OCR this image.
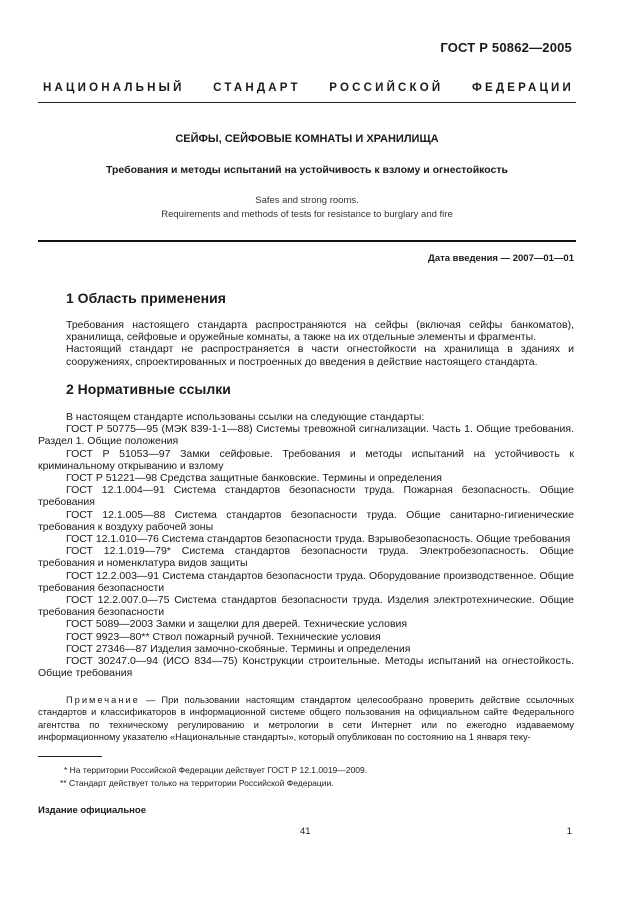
ГОСТ Р 50862—2005
НАЦИОНАЛЬНЫЙ СТАНДАРТ РОССИЙСКОЙ ФЕДЕРАЦИИ
СЕЙФЫ, СЕЙФОВЫЕ КОМНАТЫ И ХРАНИЛИЩА
Требования и методы испытаний на устойчивость к взлому и огнестойкость
Safes and strong rooms.
Requirements and methods of tests for resistance to burglary and fire
Дата введения — 2007—01—01
1 Область применения

Требования настоящего стандарта распространяются на сейфы (включая сейфы банкоматов), хранилища, сейфовые и оружейные комнаты, а также на их отдельные элементы и фрагменты.

Настоящий стандарт не распространяется в части огнестойкости на хранилища в зданиях и сооружениях, спроектированных и построенных до введения в действие настоящего стандарта.

2 Нормативные ссылки

В настоящем стандарте использованы ссылки на следующие стандарты:

ГОСТ Р 50775—95 (МЭК 839-1-1—88) Системы тревожной сигнализации. Часть 1. Общие требования. Раздел 1. Общие положения

ГОСТ Р 51053—97 Замки сейфовые. Требования и методы испытаний на устойчивость к криминальному открыванию и взлому

ГОСТ Р 51221—98 Средства защитные банковские. Термины и определения

ГОСТ 12.1.004—91 Система стандартов безопасности труда. Пожарная безопасность. Общие требования

ГОСТ 12.1.005—88 Система стандартов безопасности труда. Общие санитарно-гигиенические требования к воздуху рабочей зоны

ГОСТ 12.1.010—76 Система стандартов безопасности труда. Взрывобезопасность. Общие требования

ГОСТ 12.1.019—79* Система стандартов безопасности труда. Электробезопасность. Общие требования и номенклатура видов защиты

ГОСТ 12.2.003—91 Система стандартов безопасности труда. Оборудование производственное. Общие требования безопасности

ГОСТ 12.2.007.0—75 Система стандартов безопасности труда. Изделия электротехнические. Общие требования безопасности

ГОСТ 5089—2003 Замки и защелки для дверей. Технические условия

ГОСТ 9923—80** Ствол пожарный ручной. Технические условия

ГОСТ 27346—87 Изделия замочно-скобяные. Термины и определения

ГОСТ 30247.0—94 (ИСО 834—75) Конструкции строительные. Методы испытаний на огнестойкость. Общие требования

Примечание — При пользовании настоящим стандартом целесообразно проверить действие ссылочных стандартов и классификаторов в информационной системе общего пользования на официальном сайте Федерального агентства по техническому регулированию и метрологии в сети Интернет или по ежегодно издаваемому информационному указателю «Национальные стандарты», который опубликован по состоянию на 1 января теку-
* На территории Российской Федерации действует ГОСТ Р 12.1.0019—2009.
** Стандарт действует только на территории Российской Федерации.
Издание официальное
41	1
